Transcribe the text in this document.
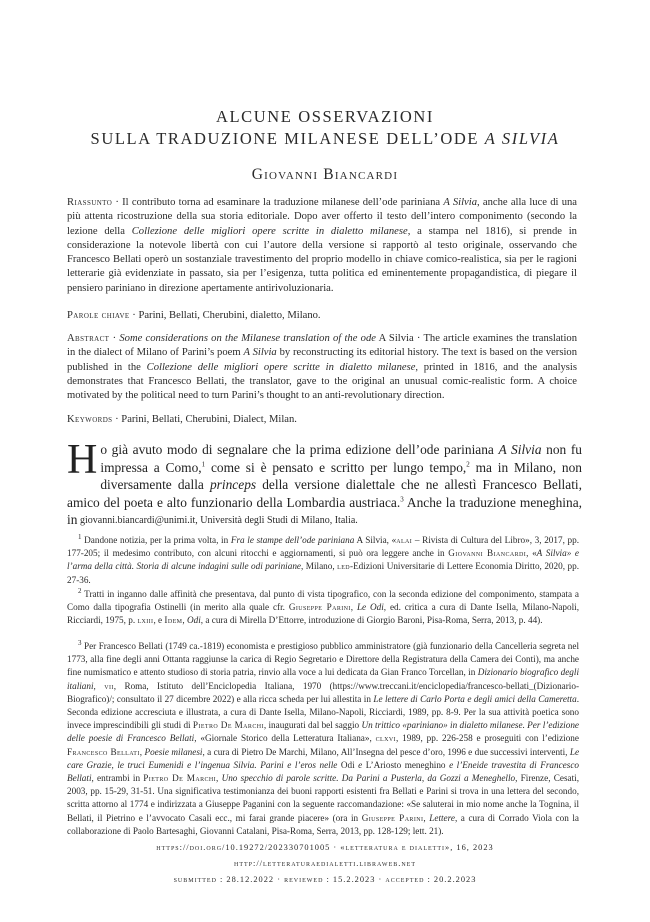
ALCUNE OSSERVAZIONI
SULLA TRADUZIONE MILANESE DELL’ODE A SILVIA
Giovanni Biancardi
Riassunto · Il contributo torna ad esaminare la traduzione milanese dell’ode pariniana A Silvia, anche alla luce di una più attenta ricostruzione della sua storia editoriale. Dopo aver offerto il testo dell’intero componimento (secondo la lezione della Collezione delle migliori opere scritte in dialetto milanese, a stampa nel 1816), si prende in considerazione la notevole libertà con cui l’autore della versione si rapportò al testo originale, osservando che Francesco Bellati operò un sostanziale travestimento del proprio modello in chiave comico-realistica, sia per le ragioni letterarie già evidenziate in passato, sia per l’esigenza, tutta politica ed eminentemente propagandistica, di piegare il pensiero pariniano in direzione apertamente antirivoluzionaria.
Parole chiave · Parini, Bellati, Cherubini, dialetto, Milano.
Abstract · Some considerations on the Milanese translation of the ode A Silvia · The article examines the translation in the dialect of Milano of Parini’s poem A Silvia by reconstructing its editorial history. The text is based on the version published in the Collezione delle migliori opere scritte in dialetto milanese, printed in 1816, and the analysis demonstrates that Francesco Bellati, the translator, gave to the original an unusual comic-realistic form. A choice motivated by the political need to turn Parini’s thought to an anti-revolutionary direction.
Keywords · Parini, Bellati, Cherubini, Dialect, Milan.
Ho già avuto modo di segnalare che la prima edizione dell’ode pariniana A Silvia non fu impressa a Como,$^1$ come si è pensato e scritto per lungo tempo,$^2$ ma in Milano, non diversamente dalla princeps della versione dialettale che ne allestì Francesco Bellati, amico del poeta e alto funzionario della Lombardia austriaca.$^3$ Anche la traduzione meneghina, in giovanni.biancardi@unimi.it, Università degli Studi di Milano, Italia.

$^1$ Dandone notizia, per la prima volta, in Fra le stampe dell’ode pariniana A Silvia, «alai – Rivista di Cultura del Libro», 3, 2017, pp. 177-205; il medesimo contributo, con alcuni ritocchi e aggiornamenti, si può ora leggere anche in Giovanni Biancardi, «A Silvia» e l’arma della città. Storia di alcune indagini sulle odi pariniane, Milano, led-Edizioni Universitarie di Lettere Economia Diritto, 2020, pp. 27-36.

$^2$ Tratti in inganno dalle affinità che presentava, dal punto di vista tipografico, con la seconda edizione del componimento, stampata a Como dalla tipografia Ostinelli (in merito alla quale cfr. Giuseppe Parini, Le Odi, ed. critica a cura di Dante Isella, Milano-Napoli, Ricciardi, 1975, p. lxiii, e Idem, Odi, a cura di Mirella D’Ettorre, introduzione di Giorgio Baroni, Pisa-Roma, Serra, 2013, p. 44).

$^3$ Per Francesco Bellati (1749 ca.-1819) economista e prestigioso pubblico amministratore (già funzionario della Cancelleria segreta nel 1773, alla fine degli anni Ottanta raggiunse la carica di Regio Segretario e Direttore della Registratura della Camera dei Conti), ma anche fine numismatico e attento studioso di storia patria, rinvio alla voce a lui dedicata da Gian Franco Torcellan, in Dizionario biografico degli italiani, vii, Roma, Istituto dell’Enciclopedia Italiana, 1970 (https://www.treccani.it/enciclopedia/francesco-bellati_(Dizionario-Biografico)/; consultato il 27 dicembre 2022) e alla ricca scheda per lui allestita in Le lettere di Carlo Porta e degli amici della Cameretta. Seconda edizione accresciuta e illustrata, a cura di Dante Isella, Milano-Napoli, Ricciardi, 1989, pp. 8-9. Per la sua attività poetica sono invece imprescindibili gli studi di Pietro De Marchi, inaugurati dal bel saggio Un trittico «pariniano» in dialetto milanese. Per l’edizione delle poesie di Francesco Bellati, «Giornale Storico della Letteratura Italiana», clxvi, 1989, pp. 226-258 e proseguiti con l’edizione Francesco Bellati, Poesie milanesi, a cura di Pietro De Marchi, Milano, All’Insegna del pesce d’oro, 1996 e due successivi interventi, Le care Grazie, le truci Eumenidi e l’ingenua Silvia. Parini e l’eros nelle Odi e L’Ariosto meneghino e l’Eneide travestita di Francesco Bellati, entrambi in Pietro De Marchi, Uno specchio di parole scritte. Da Parini a Pusterla, da Gozzi a Meneghello, Firenze, Cesati, 2003, pp. 15-29, 31-51. Una significativa testimonianza dei buoni rapporti esistenti fra Bellati e Parini si trova in una lettera del secondo, scritta attorno al 1774 e indirizzata a Giuseppe Paganini con la seguente raccomandazione: «Se saluterai in mio nome anche la Tognina, il Bellati, il Pietrino e l’avvocato Casali ecc., mi farai grande piacere» (ora in Giuseppe Parini, Lettere, a cura di Corrado Viola con la collaborazione di Paolo Bartesaghi, Giovanni Catalani, Pisa-Roma, Serra, 2013, pp. 128-129; lett. 21).

https://doi.org/10.19272/202330701005 · «letteratura e dialetti», 16, 2023
http://letteraturaedialetti.libraweb.net
submitted : 28.12.2022 · reviewed : 15.2.2023 · accepted : 20.2.2023
